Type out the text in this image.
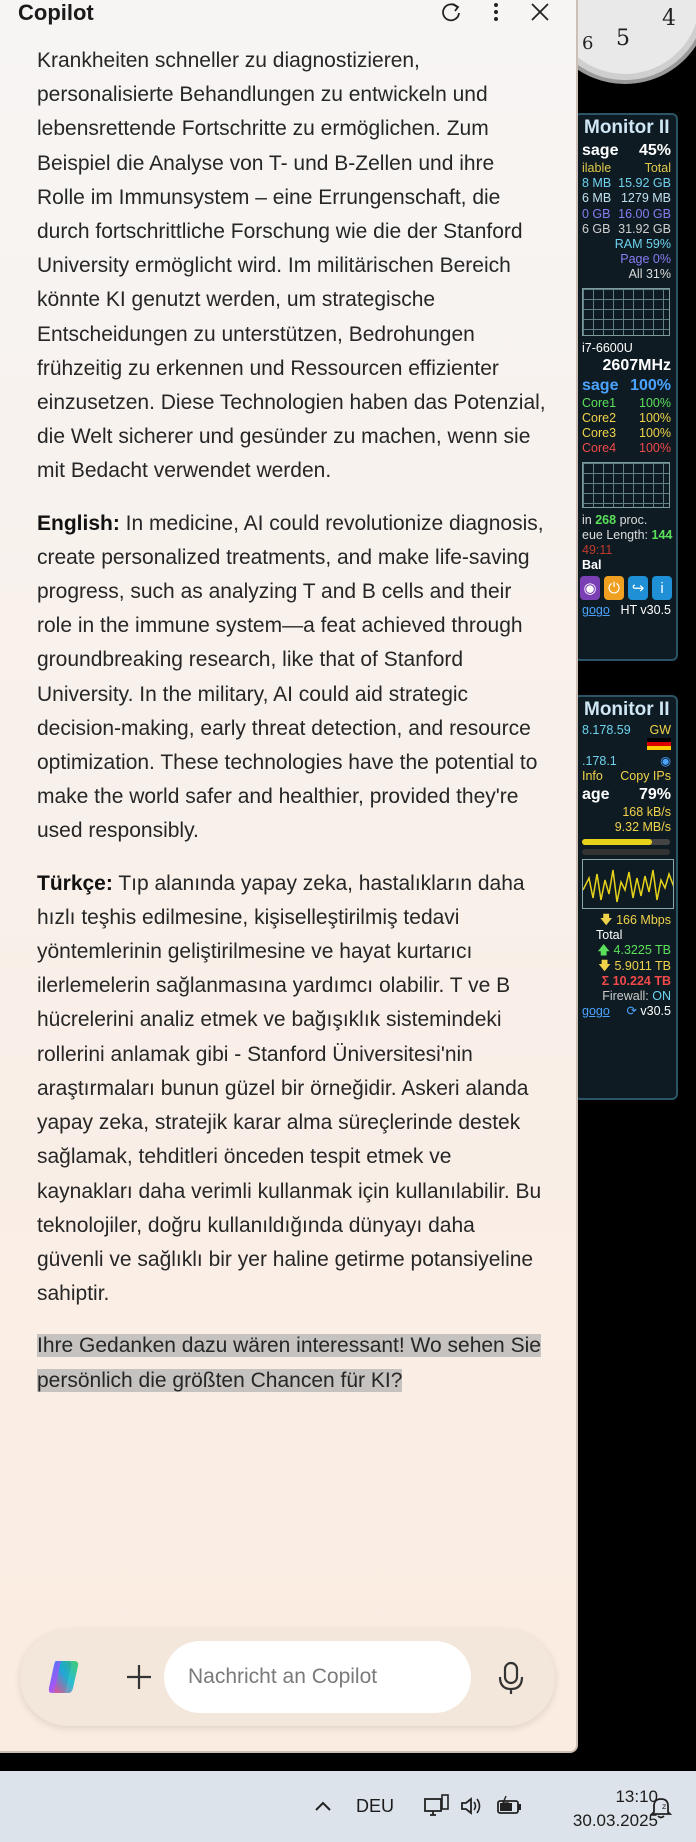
4
5
6
Monitor II
sage 45%
ilable	Total
8 MB 15.92 GB
6 MB 1279 MB
0 GB 16.00 GB
6 GB 31.92 GB
RAM 59%

Page 0%

All 31%

i7-6600U
2607MHz

sage 100%
Core1 100%
Core2 100%
Core3 100%
Core4 100%
in 268 proc.
eue Length: 144
49:11
Bal
◉ ⏻ ↪	i
gogo HT v30.5
Monitor II
8.178.59 GW

.178.1	◉
Info Copy IPs
age 79%
168 kB/s

9.32 MB/s

🡇 166 Mbps

Total
🡅 4.3225 TB

🡇 5.9011 TB

Σ 10.224 TB

Firewall: ON

gogo ⟳ v30.5
Copilot

Krankheiten schneller zu diagnostizieren, personalisierte Behandlungen zu entwickeln und lebensrettende Fortschritte zu ermöglichen. Zum Beispiel die Analyse von T- und B-Zellen und ihre Rolle im Immunsystem – eine Errungenschaft, die durch fortschrittliche Forschung wie die der Stanford University ermöglicht wird. Im militärischen Bereich könnte KI genutzt werden, um strategische Entscheidungen zu unterstützen, Bedrohungen frühzeitig zu erkennen und Ressourcen effizienter einzusetzen. Diese Technologien haben das Potenzial, die Welt sicherer und gesünder zu machen, wenn sie mit Bedacht verwendet werden.

English: In medicine, AI could revolutionize diagnosis, create personalized treatments, and make life-saving progress, such as analyzing T and B cells and their role in the immune system—a feat achieved through groundbreaking research, like that of Stanford University. In the military, AI could aid strategic decision-making, early threat detection, and resource optimization. These technologies have the potential to make the world safer and healthier, provided they're used responsibly.

Türkçe: Tıp alanında yapay zeka, hastalıkların daha hızlı teşhis edilmesine, kişiselleştirilmiş tedavi yöntemlerinin geliştirilmesine ve hayat kurtarıcı ilerlemelerin sağlanmasına yardımcı olabilir. T ve B hücrelerini analiz etmek ve bağışıklık sistemindeki rollerini anlamak gibi - Stanford Üniversitesi'nin araştırmaları bunun güzel bir örneğidir. Askeri alanda yapay zeka, stratejik karar alma süreçlerinde destek sağlamak, tehditleri önceden tespit etmek ve kaynakları daha verimli kullanmak için kullanılabilir. Bu teknolojiler, doğru kullanıldığında dünyayı daha güvenli ve sağlıklı bir yer haline getirme potansiyeline sahiptir.

Ihre Gedanken dazu wären interessant! Wo sehen Sie persönlich die größten Chancen für KI?

Nachricht an Copilot
DEU	13:10
30.03.2025
z
